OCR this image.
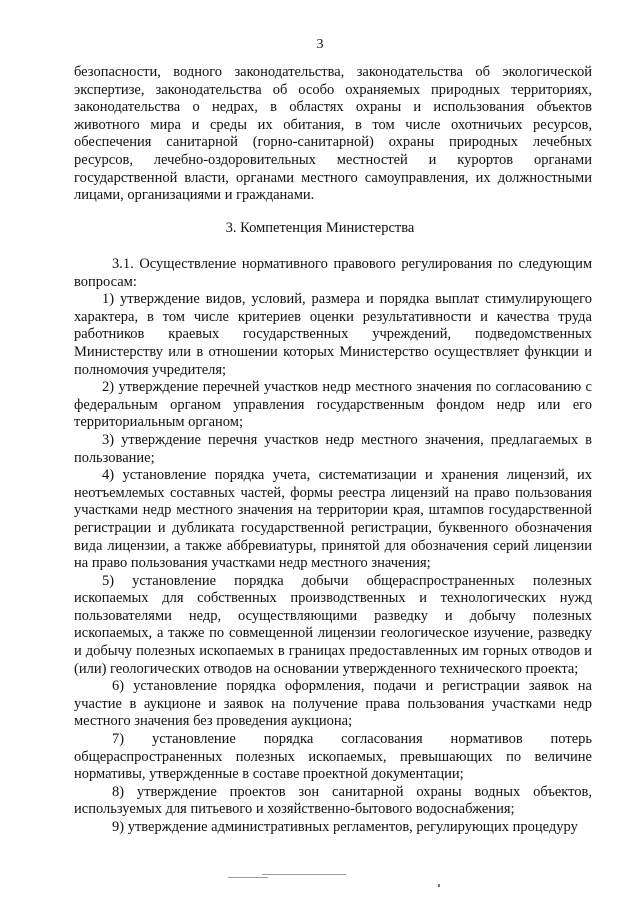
3

безопасности, водного законодательства, законодательства об экологической экспертизе, законодательства об особо охраняемых природных территориях, законодательства о недрах, в областях охраны и использования объектов животного мира и среды их обитания, в том числе охотничьих ресурсов, обеспечения санитарной (горно-санитарной) охраны природных лечебных ресурсов, лечебно-оздоровительных местностей и курортов органами государственной власти, органами местного самоуправления, их должностными лицами, организациями и гражданами.

3. Компетенция Министерства

3.1. Осуществление нормативного правового регулирования по следующим вопросам:

1) утверждение видов, условий, размера и порядка выплат стимулирующего характера, в том числе критериев оценки результативности и качества труда работников краевых государственных учреждений, подведомственных Министерству или в отношении которых Министерство осуществляет функции и полномочия учредителя;

2) утверждение перечней участков недр местного значения по согласованию с федеральным органом управления государственным фондом недр или его территориальным органом;

3) утверждение перечня участков недр местного значения, предлагаемых в пользование;

4) установление порядка учета, систематизации и хранения лицензий, их неотъемлемых составных частей, формы реестра лицензий на право пользования участками недр местного значения на территории края, штампов государственной регистрации и дубликата государственной регистрации, буквенного обозначения вида лицензии, а также аббревиатуры, принятой для обозначения серий лицензии на право пользования участками недр местного значения;

5) установление порядка добычи общераспространенных полезных ископаемых для собственных производственных и технологических нужд пользователями недр, осуществляющими разведку и добычу полезных ископаемых, а также по совмещенной лицензии геологическое изучение, разведку и добычу полезных ископаемых в границах предоставленных им горных отводов и (или) геологических отводов на основании утвержденного технического проекта;

6) установление порядка оформления, подачи и регистрации заявок на участие в аукционе и заявок на получение права пользования участками недр местного значения без проведения аукциона;

7) установление порядка согласования нормативов потерь общераспространенных полезных ископаемых, превышающих по величине нормативы, утвержденные в составе проектной документации;

8) утверждение проектов зон санитарной охраны водных объектов, используемых для питьевого и хозяйственно-бытового водоснабжения;

9) утверждение административных регламентов, регулирующих процедуру
